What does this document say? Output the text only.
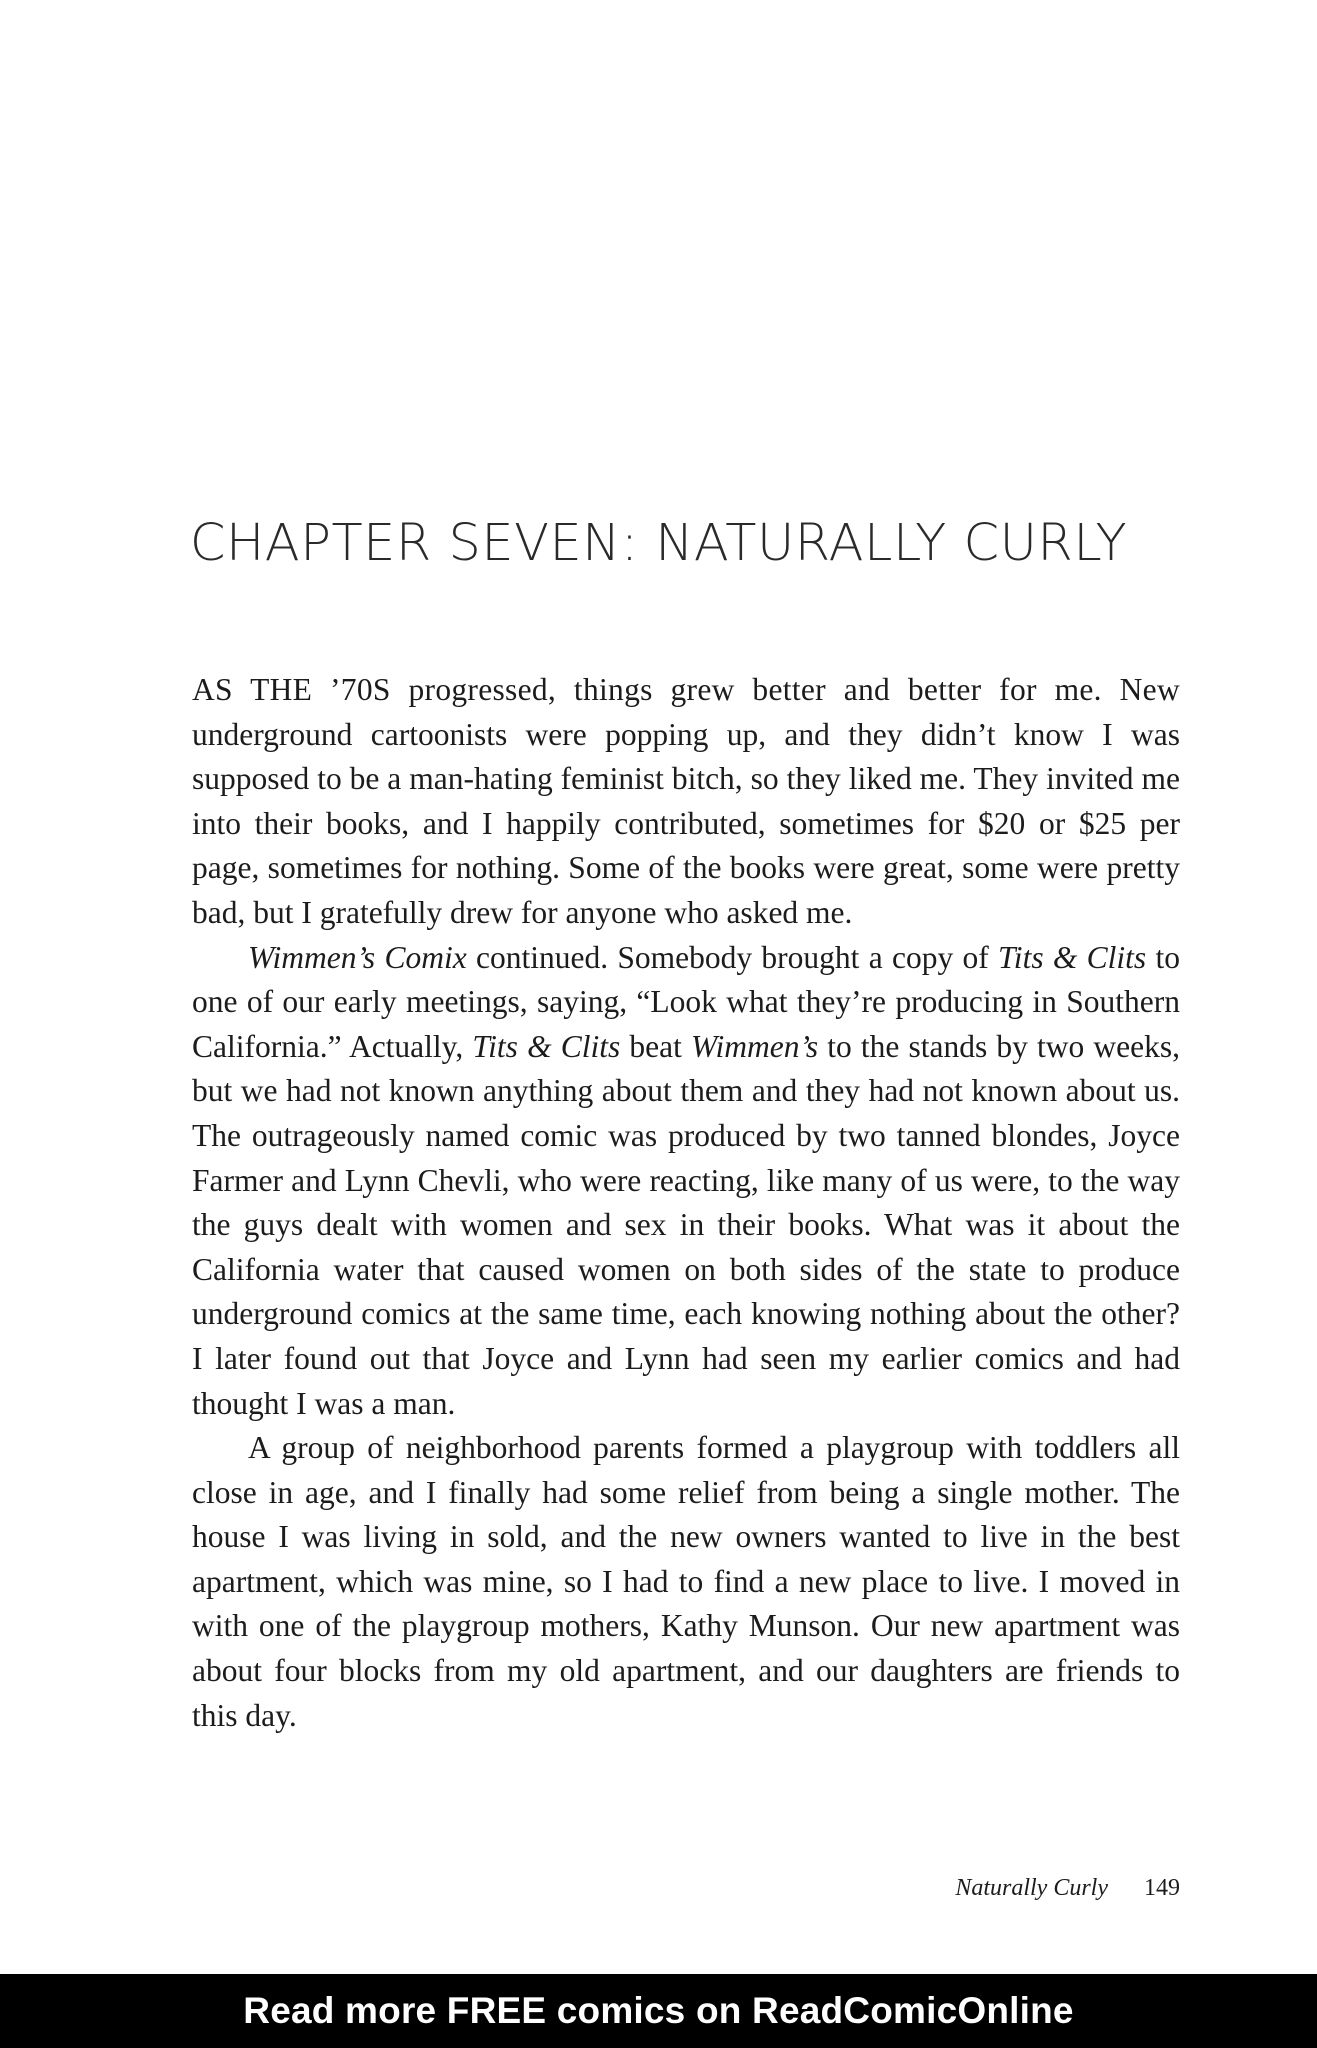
CHAPTER SEVEN: NATURALLY CURLY

AS THE ’70S progressed, things grew better and better for me. New underground cartoonists were popping up, and they didn’t know I was supposed to be a man-hating feminist bitch, so they liked me. They invited me into their books, and I happily contributed, sometimes for $20 or $25 per page, sometimes for nothing. Some of the books were great, some were pretty bad, but I gratefully drew for anyone who asked me.

Wimmen’s Comix continued. Somebody brought a copy of Tits & Clits to one of our early meetings, saying, “Look what they’re producing in Southern California.” Actually, Tits & Clits beat Wimmen’s to the stands by two weeks, but we had not known anything about them and they had not known about us. The outrageously named comic was produced by two tanned blondes, Joyce Farmer and Lynn Chevli, who were reacting, like many of us were, to the way the guys dealt with women and sex in their books. What was it about the California water that caused women on both sides of the state to produce underground comics at the same time, each knowing nothing about the other? I later found out that Joyce and Lynn had seen my earlier comics and had thought I was a man.

A group of neighborhood parents formed a playgroup with toddlers all close in age, and I finally had some relief from being a single mother. The house I was living in sold, and the new owners wanted to live in the best apartment, which was mine, so I had to find a new place to live. I moved in with one of the playgroup mothers, Kathy Munson. Our new apartment was about four blocks from my old apartment, and our daughters are friends to this day.

Naturally Curly 149
Read more FREE comics on ReadComicOnline
